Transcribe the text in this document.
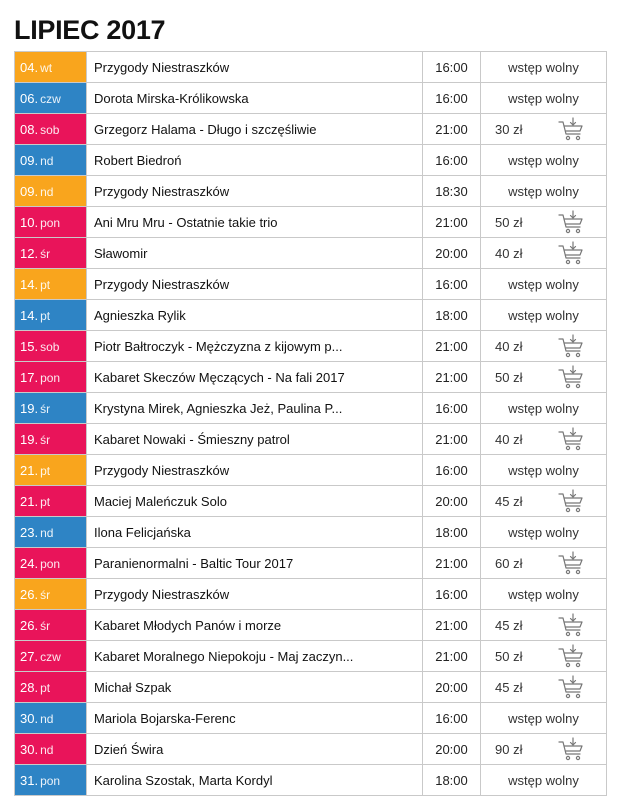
LIPIEC 2017
04. wt	Przygody Niestraszków	16:00	wstęp wolny
06. czw	Dorota Mirska-Królikowska	16:00	wstęp wolny
08. sob	Grzegorz Halama - Długo i szczęśliwie	21:00	30 zł

09. nd	Robert Biedroń	16:00	wstęp wolny
09. nd	Przygody Niestraszków	18:30	wstęp wolny
10. pon	Ani Mru Mru - Ostatnie takie trio	21:00	50 zł

12. śr	Sławomir	20:00	40 zł

14. pt	Przygody Niestraszków	16:00	wstęp wolny
14. pt	Agnieszka Rylik	18:00	wstęp wolny
15. sob	Piotr Bałtroczyk - Mężczyzna z kijowym p...	21:00	40 zł

17. pon	Kabaret Skeczów Męczących - Na fali 2017	21:00	50 zł

19. śr	Krystyna Mirek, Agnieszka Jeż, Paulina P...	16:00	wstęp wolny
19. śr	Kabaret Nowaki - Śmieszny patrol	21:00	40 zł

21. pt	Przygody Niestraszków	16:00	wstęp wolny
21. pt	Maciej Maleńczuk Solo	20:00	45 zł

23. nd	Ilona Felicjańska	18:00	wstęp wolny
24. pon	Paranienormalni - Baltic Tour 2017	21:00	60 zł

26. śr	Przygody Niestraszków	16:00	wstęp wolny
26. śr	Kabaret Młodych Panów i morze	21:00	45 zł

27. czw	Kabaret Moralnego Niepokoju - Maj zaczyn...	21:00	50 zł

28. pt	Michał Szpak	20:00	45 zł

30. nd	Mariola Bojarska-Ferenc	16:00	wstęp wolny
30. nd	Dzień Świra	20:00	90 zł

31. pon	Karolina Szostak, Marta Kordyl	18:00	wstęp wolny
